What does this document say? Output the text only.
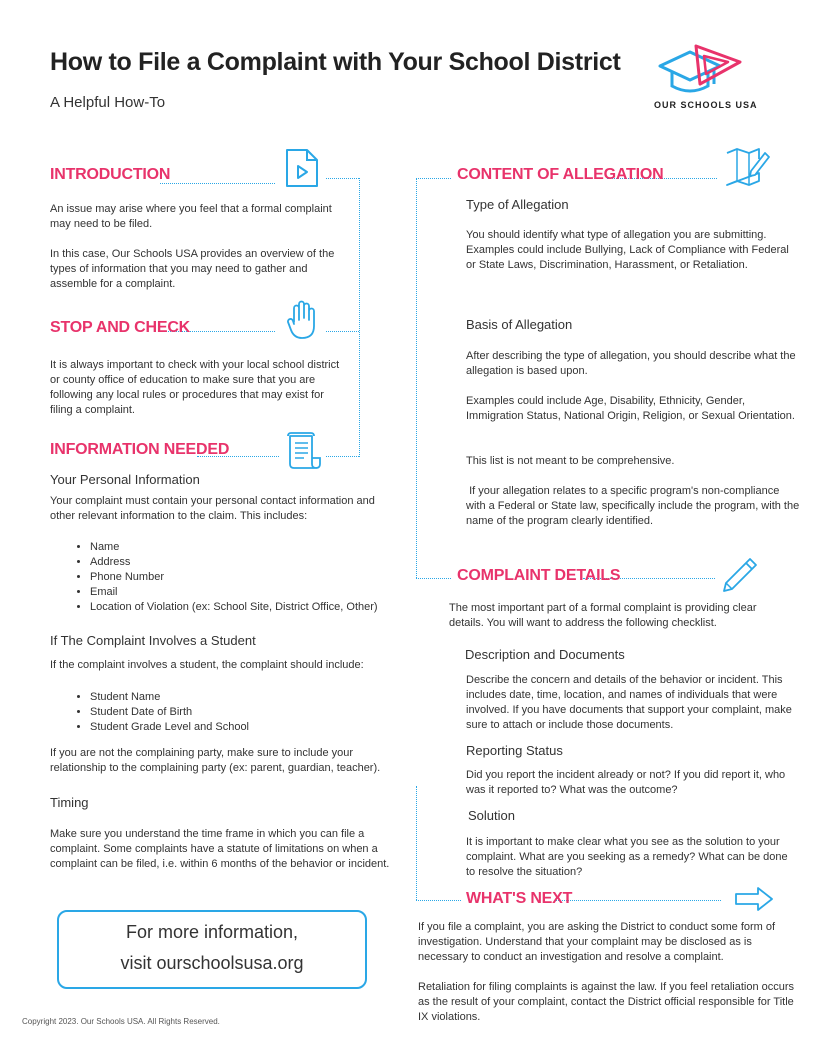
How to File a Complaint with Your School District
A Helpful How-To	OUR SCHOOLS USA
INTRODUCTION
An issue may arise where you feel that a formal complaint may need to be filed.
In this case, Our Schools USA provides an overview of the types of information that you may need to gather and assemble for a complaint.
STOP AND CHECK
It is always important to check with your local school district or county office of education to make sure that you are following any local rules or procedures that may exist for filing a complaint.
INFORMATION NEEDED
Your Personal Information
Your complaint must contain your personal contact information and other relevant information to the claim. This includes:
• Name
• Address
• Phone Number
• Email
• Location of Violation (ex: School Site, District Office, Other)
If The Complaint Involves a Student
If the complaint involves a student, the complaint should include:
• Student Name
• Student Date of Birth
• Student Grade Level and School
If you are not the complaining party, make sure to include your relationship to the complaining party (ex: parent, guardian, teacher).
Timing
Make sure you understand the time frame in which you can file a complaint. Some complaints have a statute of limitations on when a complaint can be filed, i.e. within 6 months of the behavior or incident.
For more information,
visit ourschoolsusa.org
Copyright 2023. Our Schools USA. All Rights Reserved.
CONTENT OF ALLEGATION
Type of Allegation
You should identify what type of allegation you are submitting. Examples could include Bullying, Lack of Compliance with Federal or State Laws, Discrimination, Harassment, or Retaliation.
Basis of Allegation
After describing the type of allegation, you should describe what the allegation is based upon.
Examples could include Age, Disability, Ethnicity, Gender, Immigration Status, National Origin, Religion, or Sexual Orientation.
This list is not meant to be comprehensive.
If your allegation relates to a specific program's non-compliance with a Federal or State law, specifically include the program, with the name of the program clearly identified.
COMPLAINT DETAILS
The most important part of a formal complaint is providing clear details. You will want to address the following checklist.
Description and Documents
Describe the concern and details of the behavior or incident. This includes date, time, location, and names of individuals that were involved. If you have documents that support your complaint, make sure to attach or include those documents.
Reporting Status
Did you report the incident already or not? If you did report it, who was it reported to? What was the outcome?
Solution
It is important to make clear what you see as the solution to your complaint. What are you seeking as a remedy? What can be done to resolve the situation?
WHAT'S NEXT
If you file a complaint, you are asking the District to conduct some form of investigation. Understand that your complaint may be disclosed as is necessary to conduct an investigation and resolve a complaint.
Retaliation for filing complaints is against the law. If you feel retaliation occurs as the result of your complaint, contact the District official responsible for Title IX violations.
